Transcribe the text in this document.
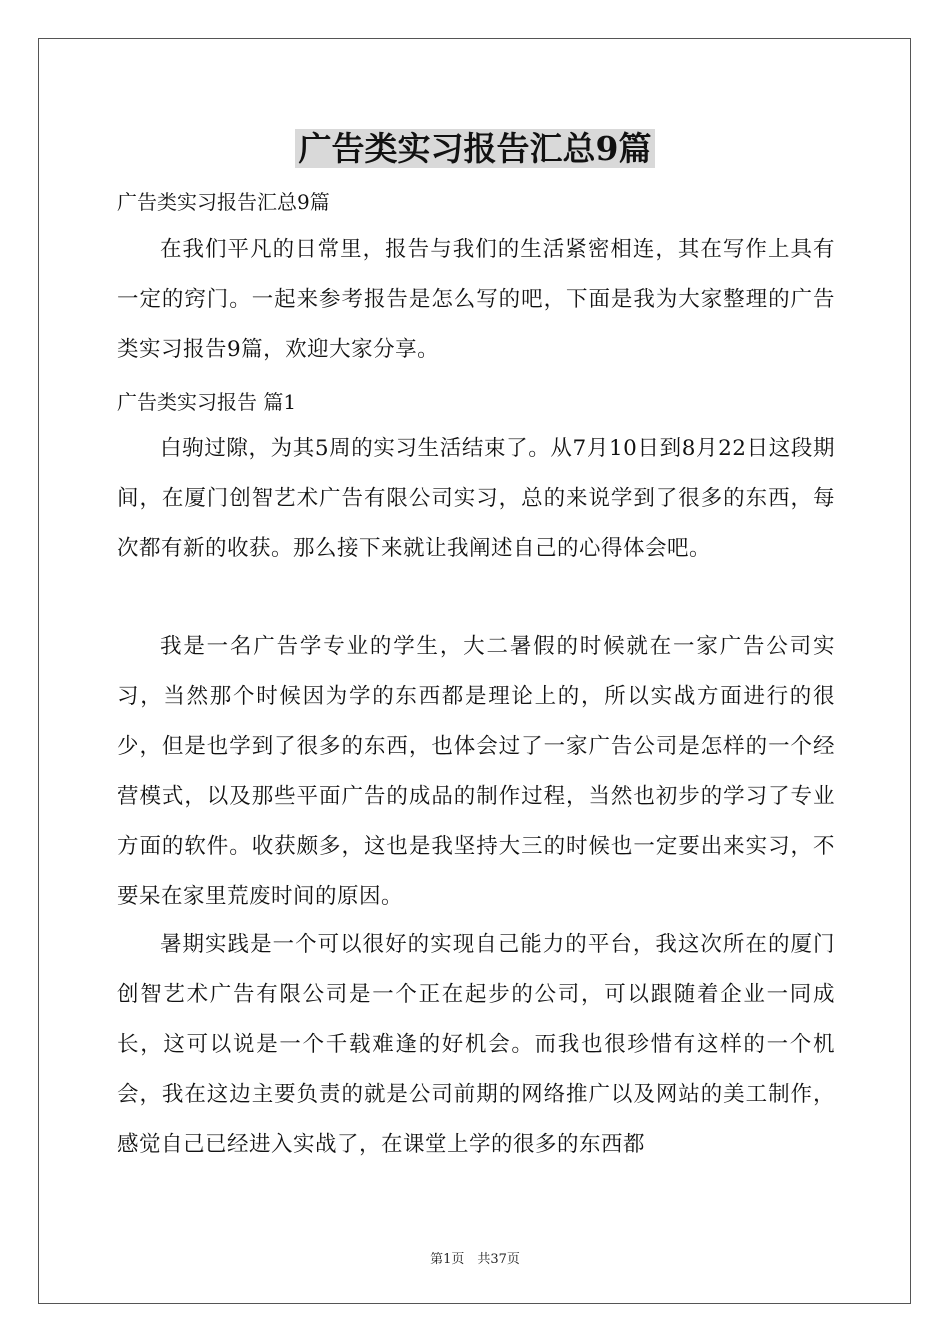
广告类实习报告汇总9篇

广告类实习报告汇总9篇

在我们平凡的日常里，报告与我们的生活紧密相连，其在写作上具有一定的窍门。一起来参考报告是怎么写的吧，下面是我为大家整理的广告类实习报告9篇，欢迎大家分享。

广告类实习报告 篇1

白驹过隙，为其5周的实习生活结束了。从7月10日到8月22日这段期间，在厦门创智艺术广告有限公司实习，总的来说学到了很多的东西，每次都有新的收获。那么接下来就让我阐述自己的心得体会吧。

我是一名广告学专业的学生，大二暑假的时候就在一家广告公司实习，当然那个时候因为学的东西都是理论上的，所以实战方面进行的很少，但是也学到了很多的东西，也体会过了一家广告公司是怎样的一个经营模式，以及那些平面广告的成品的制作过程，当然也初步的学习了专业方面的软件。收获颇多，这也是我坚持大三的时候也一定要出来实习，不要呆在家里荒废时间的原因。

暑期实践是一个可以很好的实现自己能力的平台，我这次所在的厦门创智艺术广告有限公司是一个正在起步的公司，可以跟随着企业一同成长，这可以说是一个千载难逢的好机会。而我也很珍惜有这样的一个机会，我在这边主要负责的就是公司前期的网络推广以及网站的美工制作，感觉自己已经进入实战了，在课堂上学的很多的东西都

第1页　共37页
